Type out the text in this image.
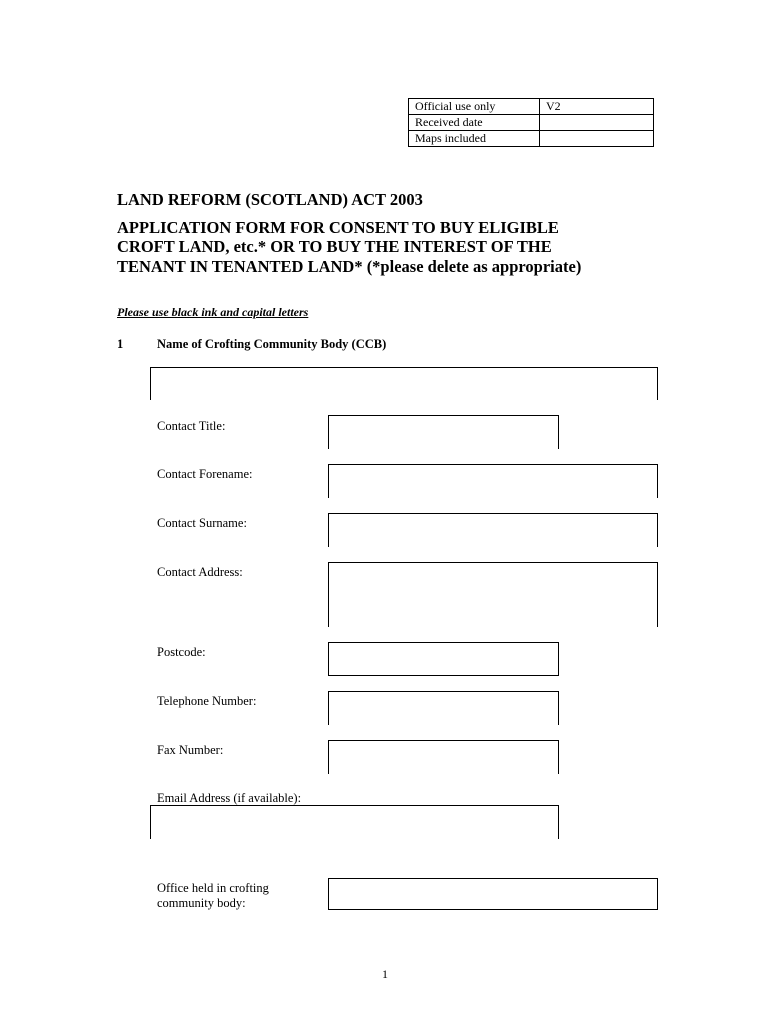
Official use only	V2
Received date	
Maps included	
LAND REFORM (SCOTLAND) ACT 2003
APPLICATION FORM FOR CONSENT TO BUY ELIGIBLE
CROFT LAND, etc.* OR TO BUY THE INTEREST OF THE
TENANT IN TENANTED LAND* (*please delete as appropriate)
Please use black ink and capital letters
1	Name of Crofting Community Body (CCB)
Contact Title:
Contact Forename:
Contact Surname:
Contact Address:
Postcode:
Telephone Number:
Fax Number:
Email Address (if available):
Office held in crofting
community body:
1
